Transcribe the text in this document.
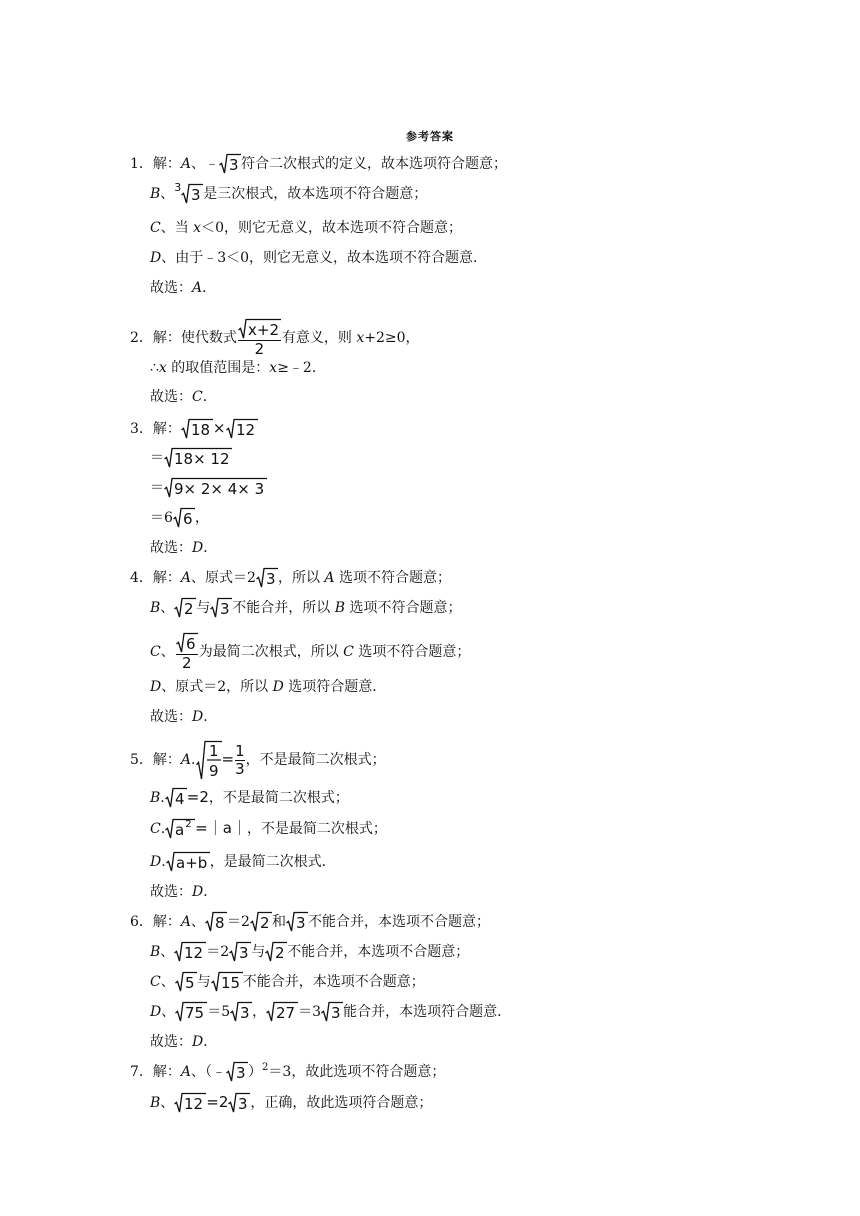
参考答案
1．解：A、﹣ 3 符合二次根式的定义，故本选项符合题意；
B、$^3$ 3 是三次根式，故本选项不符合题意；
C、当 x＜0，则它无意义，故本选项不符合题意；
D、由于﹣3＜0，则它无意义，故本选项不符合题意．
故选：A．
2．解：使代数式 $\frac{x+2}{2}$ 有意义，则 x+2≥0，
∴x 的取值范围是：x≥﹣2．
故选：C．
3．解： 18 × 12
＝ 18× 12
＝ 9× 2× 4× 3
＝6 6 ，
故选：D．
4．解：A、原式＝2 3 ，所以 A 选项不符合题意；
B、 2 与 3 不能合并，所以 B 选项不符合题意；
C、 $\frac{6}{2}$ 为最简二次根式，所以 C 选项不符合题意；
D、原式＝2，所以 D 选项符合题意．
故选：D．
5．解：A. 1
9
= $\frac{1}{3}$ ，不是最简二次根式；
B. 4 =2，不是最简二次根式；
C. a 2 =｜a｜，不是最简二次根式；
D. a+b ，是最简二次根式．
故选：D．
6．解：A、 8 ＝2 2 和 3 不能合并，本选项不合题意；
B、 12 ＝2 3 与 2 不能合并，本选项不合题意；
C、 5 与 15 不能合并，本选项不合题意；
D、 75 ＝5 3 ， 27 ＝3 3 能合并，本选项符合题意．
故选：D．
7．解：A、（﹣ 3 ）$^2$＝3，故此选项不符合题意；
B、 12 =2 3 ，正确，故此选项符合题意；
